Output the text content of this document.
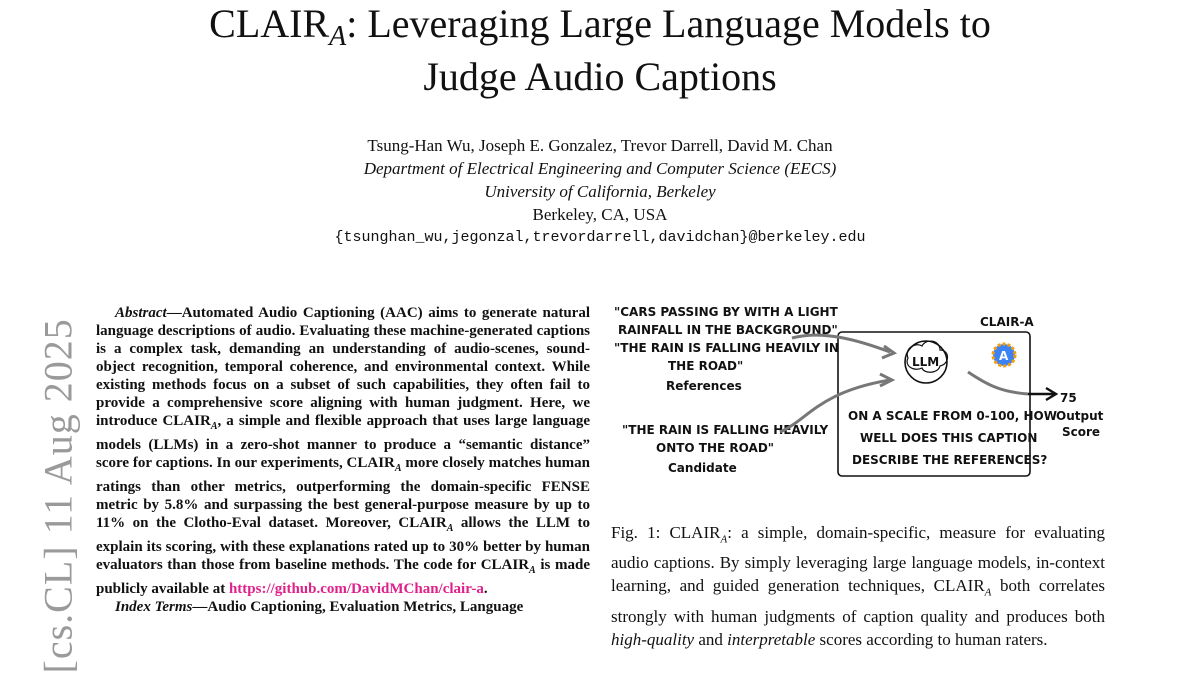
$CLAIR_A$: Leveraging Large Language Models to
Judge Audio Captions
Tsung-Han Wu, Joseph E. Gonzalez, Trevor Darrell, David M. Chan
Department of Electrical Engineering and Computer Science (EECS)
University of California, Berkeley
Berkeley, CA, USA
{tsunghan_wu,jegonzal,trevordarrell,davidchan}@berkeley.edu
[cs.CL] 11 Aug 2025

Abstract—Automated Audio Captioning (AAC) aims to generate natural language descriptions of audio. Evaluating these machine-generated captions is a complex task, demanding an understanding of audio-scenes, sound-object recognition, temporal coherence, and environmental context. While existing methods focus on a subset of such capabilities, they often fail to provide a comprehensive score aligning with human judgment. Here, we introduce $CLAIR_A$, a simple and flexible approach that uses large language models (LLMs) in a zero-shot manner to produce a “semantic distance” score for captions. In our experiments, $CLAIR_A$ more closely matches human ratings than other metrics, outperforming the domain-specific FENSE metric by 5.8% and surpassing the best general-purpose measure by up to 11% on the Clotho-Eval dataset. Moreover, $CLAIR_A$ allows the LLM to explain its scoring, with these explanations rated up to 30% better by human evaluators than those from baseline methods. The code for $CLAIR_A$ is made publicly available at https://github.com/DavidMChan/clair-a.

Index Terms—Audio Captioning, Evaluation Metrics, Language

"CARS PASSING BY WITH A LIGHT
RAINFALL IN THE BACKGROUND"
"THE RAIN IS FALLING HEAVILY IN
THE ROAD"
References
"THE RAIN IS FALLING HEAVILY
ONTO THE ROAD"
Candidate
CLAIR-A
LLM	A
ON A SCALE FROM 0-100, HOW
WELL DOES THIS CAPTION
DESCRIBE THE REFERENCES?
75
Output
Score
Fig. 1: $CLAIR_A$: a simple, domain-specific, measure for evaluating audio captions. By simply leveraging large language models, in-context learning, and guided generation techniques, $CLAIR_A$ both correlates strongly with human judgments of caption quality and produces both high-quality and interpretable scores according to human raters.
